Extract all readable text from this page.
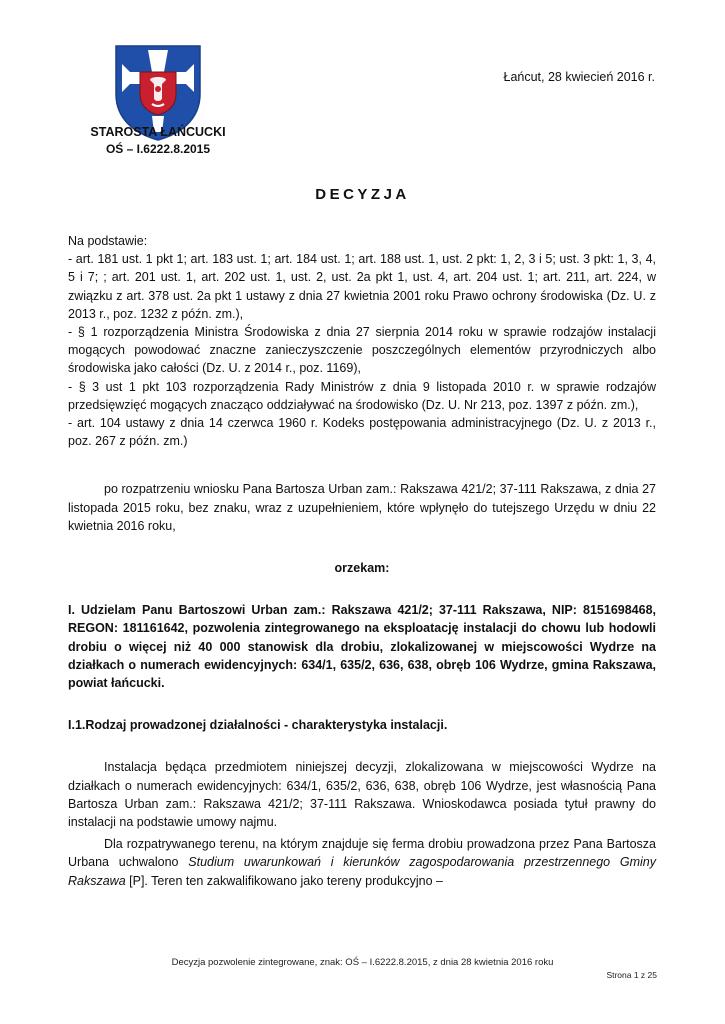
STAROSTA ŁAŃCUCKI
OŚ – I.6222.8.2015
Łańcut, 28 kwiecień 2016 r.
DECYZJA

Na podstawie:

- art. 181 ust. 1 pkt 1; art. 183 ust. 1; art. 184 ust. 1; art. 188 ust. 1, ust. 2 pkt: 1, 2, 3 i 5; ust. 3 pkt: 1, 3, 4, 5 i 7; ; art. 201 ust. 1, art. 202 ust. 1, ust. 2, ust. 2a pkt 1, ust. 4, art. 204 ust. 1; art. 211, art. 224, w związku z art. 378 ust. 2a pkt 1 ustawy z dnia 27 kwietnia 2001 roku Prawo ochrony środowiska (Dz. U. z 2013 r., poz. 1232 z późn. zm.),

- § 1 rozporządzenia Ministra Środowiska z dnia 27 sierpnia 2014 roku w sprawie rodzajów instalacji mogących powodować znaczne zanieczyszczenie poszczególnych elementów przyrodniczych albo środowiska jako całości (Dz. U. z 2014 r., poz. 1169),

- § 3 ust 1 pkt 103 rozporządzenia Rady Ministrów z dnia 9 listopada 2010 r. w sprawie rodzajów przedsięwzięć mogących znacząco oddziaływać na środowisko (Dz. U. Nr 213, poz. 1397 z późn. zm.),

- art. 104 ustawy z dnia 14 czerwca 1960 r. Kodeks postępowania administracyjnego (Dz. U. z 2013 r., poz. 267 z późn. zm.)

po rozpatrzeniu wniosku Pana Bartosza Urban zam.: Rakszawa 421/2; 37-111 Rakszawa, z dnia 27 listopada 2015 roku, bez znaku, wraz z uzupełnieniem, które wpłynęło do tutejszego Urzędu w dniu 22 kwietnia 2016 roku,

orzekam:

I. Udzielam Panu Bartoszowi Urban zam.: Rakszawa 421/2; 37-111 Rakszawa, NIP: 8151698468, REGON: 181161642, pozwolenia zintegrowanego na eksploatację instalacji do chowu lub hodowli drobiu o więcej niż 40 000 stanowisk dla drobiu, zlokalizowanej w miejscowości Wydrze na działkach o numerach ewidencyjnych: 634/1, 635/2, 636, 638, obręb 106 Wydrze, gmina Rakszawa, powiat łańcucki.

I.1.Rodzaj prowadzonej działalności - charakterystyka instalacji.

Instalacja będąca przedmiotem niniejszej decyzji, zlokalizowana w miejscowości Wydrze na działkach o numerach ewidencyjnych: 634/1, 635/2, 636, 638, obręb 106 Wydrze, jest własnością Pana Bartosza Urban zam.: Rakszawa 421/2; 37-111 Rakszawa. Wnioskodawca posiada tytuł prawny do instalacji na podstawie umowy najmu.

Dla rozpatrywanego terenu, na którym znajduje się ferma drobiu prowadzona przez Pana Bartosza Urbana uchwalono Studium uwarunkowań i kierunków zagospodarowania przestrzennego Gminy Rakszawa [P]. Teren ten zakwalifikowano jako tereny produkcyjno –

Decyzja pozwolenie zintegrowane, znak: OŚ – I.6222.8.2015, z dnia 28 kwietnia 2016 roku
Strona 1 z 25
